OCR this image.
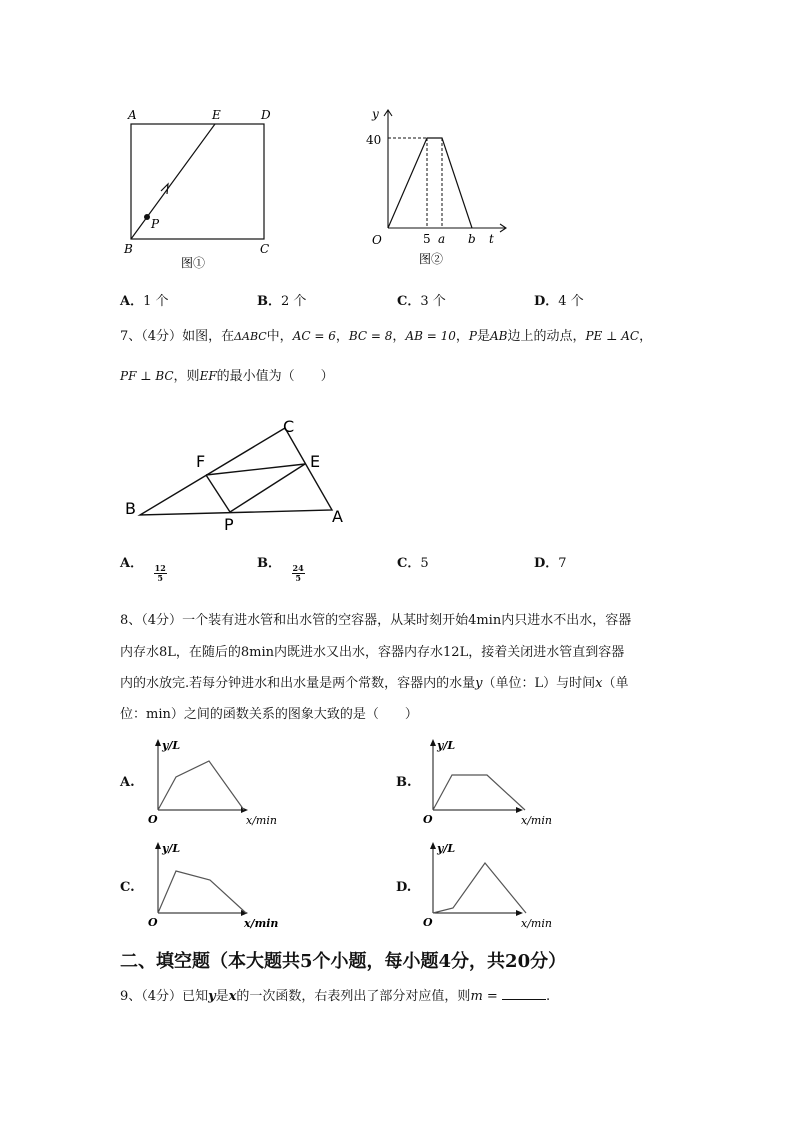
A	E	D
B	C
P
图①
y
40
O	5 a b t
图②
A．1 个	B．2 个	C．3 个	D．4 个
7、（4分）如图，在ΔABC中，AC = 6，BC = 8，AB = 10，P是AB边上的动点，PE ⊥ AC，
PF ⊥ BC，则EF的最小值为（　　）
B
C
A
F	E
P
A．
$\frac{12}{5}$
B．
$\frac{24}{5}$
C．5	D．7
8、（4分）一个装有进水管和出水管的空容器，从某时刻开始4min内只进水不出水，容器
内存水8L，在随后的8min内既进水又出水，容器内存水12L，接着关闭进水管直到容器
内的水放完.若每分钟进水和出水量是两个常数，容器内的水量y（单位：L）与时间x（单
位：min）之间的函数关系的图象大致的是（　　）
A.
y/L
O	x/min
B.
y/L
O	x/min
C.
y/L
O	x/min
D.
y/L
O	x/min
二、填空题（本大题共5个小题，每小题4分，共20分）
9、（4分）已知y是x的一次函数，右表列出了部分对应值，则m =	.
